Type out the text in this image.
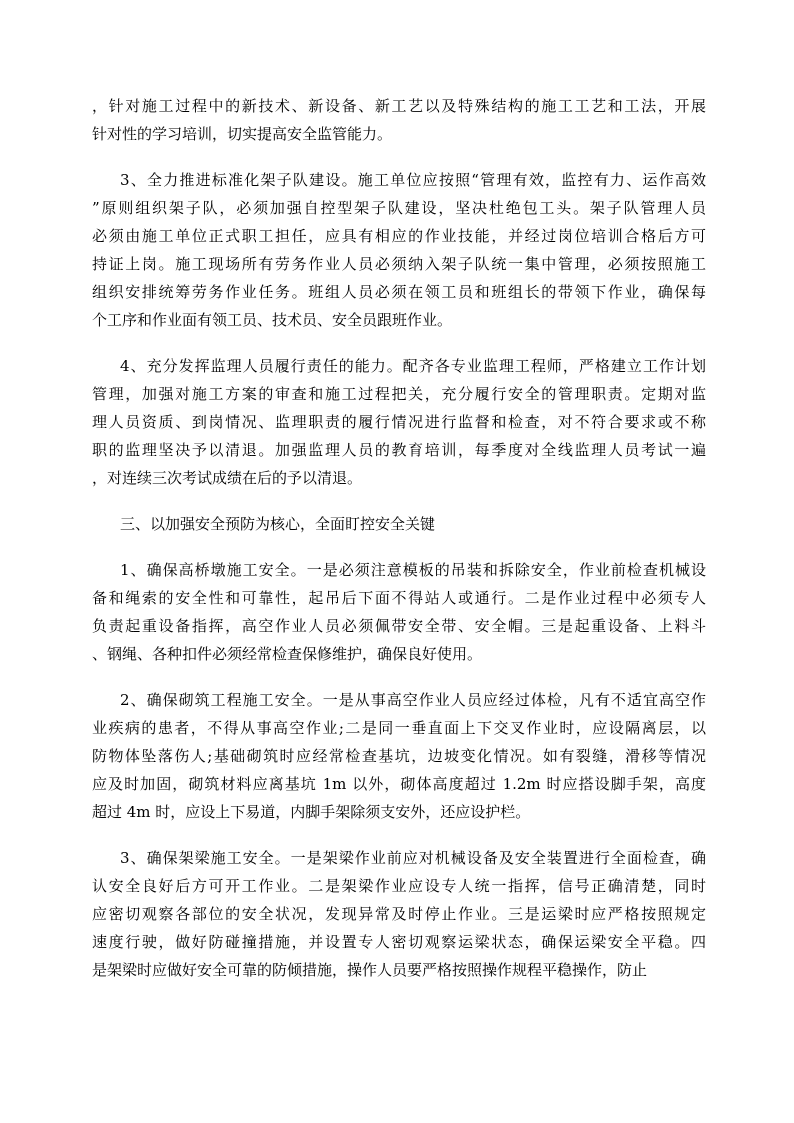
，针对施工过程中的新技术、新设备、新工艺以及特殊结构的施工工艺和工法，开展
针对性的学习培训，切实提高安全监管能力。
3、全力推进标准化架子队建设。施工单位应按照“管理有效，监控有力、运作高效
”原则组织架子队，必须加强自控型架子队建设，坚决杜绝包工头。架子队管理人员
必须由施工单位正式职工担任，应具有相应的作业技能，并经过岗位培训合格后方可
持证上岗。施工现场所有劳务作业人员必须纳入架子队统一集中管理，必须按照施工
组织安排统筹劳务作业任务。班组人员必须在领工员和班组长的带领下作业，确保每
个工序和作业面有领工员、技术员、安全员跟班作业。
4、充分发挥监理人员履行责任的能力。配齐各专业监理工程师，严格建立工作计划
管理，加强对施工方案的审查和施工过程把关，充分履行安全的管理职责。定期对监
理人员资质、到岗情况、监理职责的履行情况进行监督和检查，对不符合要求或不称
职的监理坚决予以清退。加强监理人员的教育培训，每季度对全线监理人员考试一遍
，对连续三次考试成绩在后的予以清退。
三、以加强安全预防为核心，全面盯控安全关键
1、确保高桥墩施工安全。一是必须注意模板的吊装和拆除安全，作业前检查机械设
备和绳索的安全性和可靠性，起吊后下面不得站人或通行。二是作业过程中必须专人
负责起重设备指挥，高空作业人员必须佩带安全带、安全帽。三是起重设备、上料斗
、钢绳、各种扣件必须经常检查保修维护，确保良好使用。
2、确保砌筑工程施工安全。一是从事高空作业人员应经过体检，凡有不适宜高空作
业疾病的患者，不得从事高空作业;二是同一垂直面上下交叉作业时，应设隔离层，以
防物体坠落伤人;基础砌筑时应经常检查基坑，边坡变化情况。如有裂缝，滑移等情况
应及时加固，砌筑材料应离基坑 1m 以外，砌体高度超过 1.2m 时应搭设脚手架，高度
超过 4m 时，应设上下易道，内脚手架除须支安外，还应设护栏。
3、确保架梁施工安全。一是架梁作业前应对机械设备及安全装置进行全面检查，确
认安全良好后方可开工作业。二是架梁作业应设专人统一指挥，信号正确清楚，同时
应密切观察各部位的安全状况，发现异常及时停止作业。三是运梁时应严格按照规定
速度行驶，做好防碰撞措施，并设置专人密切观察运梁状态，确保运梁安全平稳。四
是架梁时应做好安全可靠的防倾措施，操作人员要严格按照操作规程平稳操作，防止
